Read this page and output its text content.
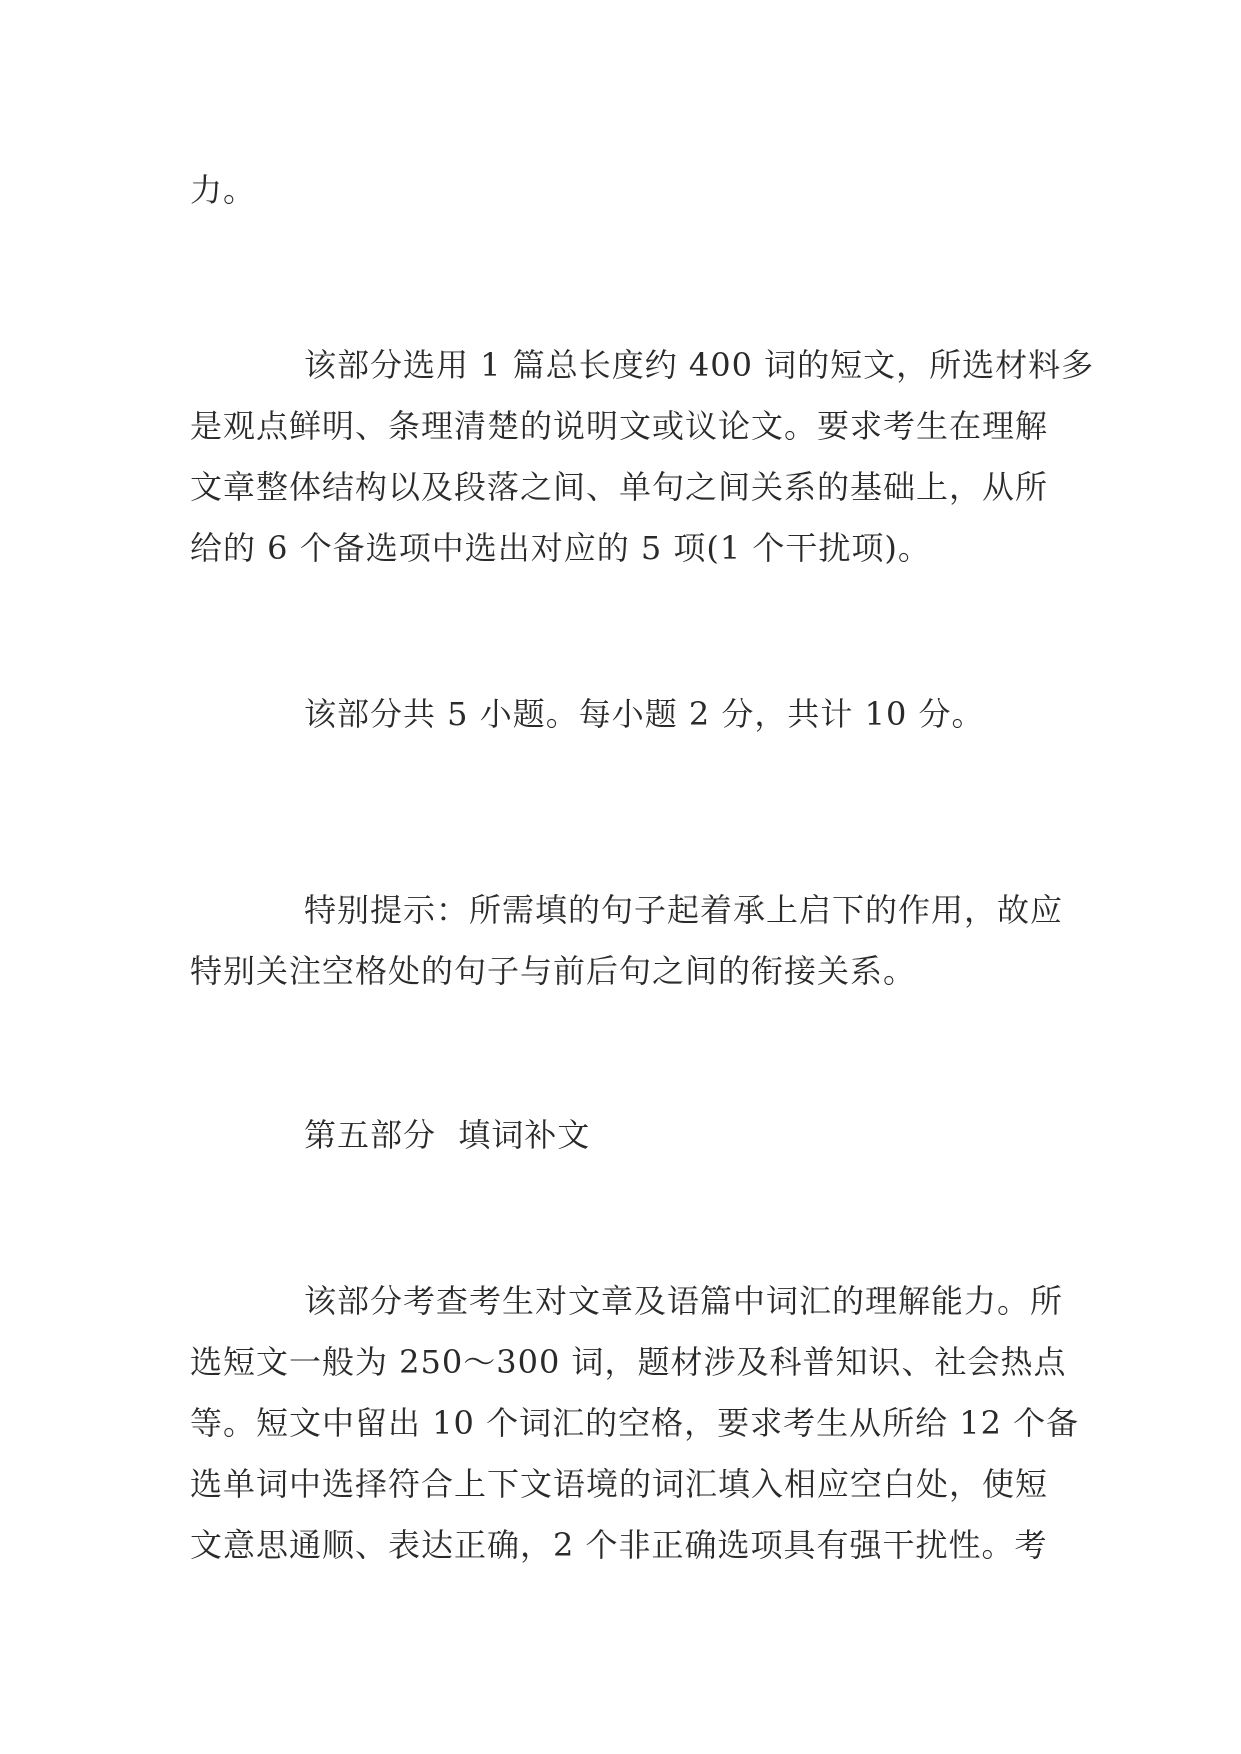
力。

该部分选用 1 篇总长度约 400 词的短文，所选材料多
是观点鲜明、条理清楚的说明文或议论文。要求考生在理解
文章整体结构以及段落之间、单句之间关系的基础上，从所
给的 6 个备选项中选出对应的 5 项(1 个干扰项)。

该部分共 5 小题。每小题 2 分，共计 10 分。

特别提示：所需填的句子起着承上启下的作用，故应
特别关注空格处的句子与前后句之间的衔接关系。

第五部分  填词补文

该部分考查考生对文章及语篇中词汇的理解能力。所
选短文一般为 250～300 词，题材涉及科普知识、社会热点
等。短文中留出 10 个词汇的空格，要求考生从所给 12 个备
选单词中选择符合上下文语境的词汇填入相应空白处，使短
文意思通顺、表达正确，2 个非正确选项具有强干扰性。考
